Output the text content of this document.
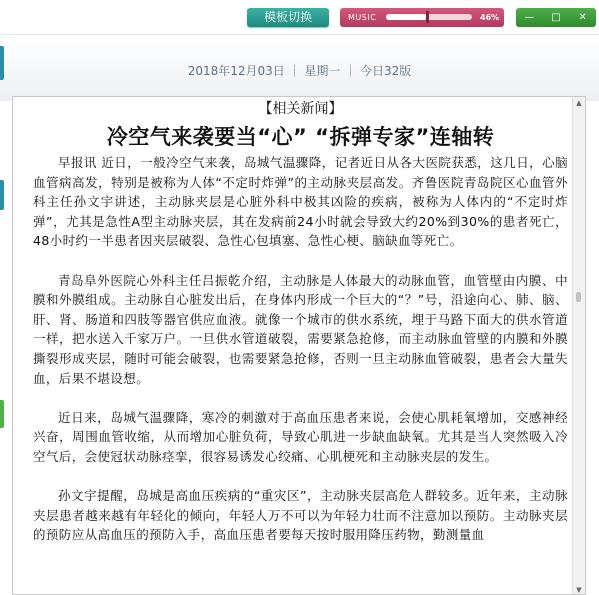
模板切换	MUSIC	46%	—	□	✕
2018年12月03日 ｜ 星期一 ｜ 今日32版
【相关新闻】
冷空气来袭要当“心” “拆弹专家”连轴转

早报讯 近日，一般冷空气来袭，岛城气温骤降，记者近日从各大医院获悉，这几日，心脑血管病高发，特别是被称为人体“不定时炸弹”的主动脉夹层高发。齐鲁医院青岛院区心血管外科主任孙文宇讲述，主动脉夹层是心脏外科中极其凶险的疾病，被称为人体内的“不定时炸弹”，尤其是急性A型主动脉夹层，其在发病前24小时就会导致大约20%到30%的患者死亡，48小时约一半患者因夹层破裂、急性心包填塞、急性心梗、脑缺血等死亡。

青岛阜外医院心外科主任吕振乾介绍，主动脉是人体最大的动脉血管，血管壁由内膜、中膜和外膜组成。主动脉自心脏发出后，在身体内形成一个巨大的“？”号，沿途向心、肺、脑、肝、肾、肠道和四肢等器官供应血液。就像一个城市的供水系统，埋于马路下面大的供水管道一样，把水送入千家万户。一旦供水管道破裂，需要紧急抢修，而主动脉血管壁的内膜和外膜撕裂形成夹层，随时可能会破裂，也需要紧急抢修，否则一旦主动脉血管破裂，患者会大量失血，后果不堪设想。

近日来，岛城气温骤降，寒冷的刺激对于高血压患者来说，会使心肌耗氧增加，交感神经兴奋，周围血管收缩，从而增加心脏负荷，导致心肌进一步缺血缺氧。尤其是当人突然吸入冷空气后，会使冠状动脉痉挛，很容易诱发心绞痛、心肌梗死和主动脉夹层的发生。

孙文宇提醒，岛城是高血压疾病的“重灾区”，主动脉夹层高危人群较多。近年来，主动脉夹层患者越来越有年轻化的倾向，年轻人万不可以为年轻力壮而不注意加以预防。主动脉夹层的预防应从高血压的预防入手，高血压患者要每天按时服用降压药物，勤测量血

▲
▼
